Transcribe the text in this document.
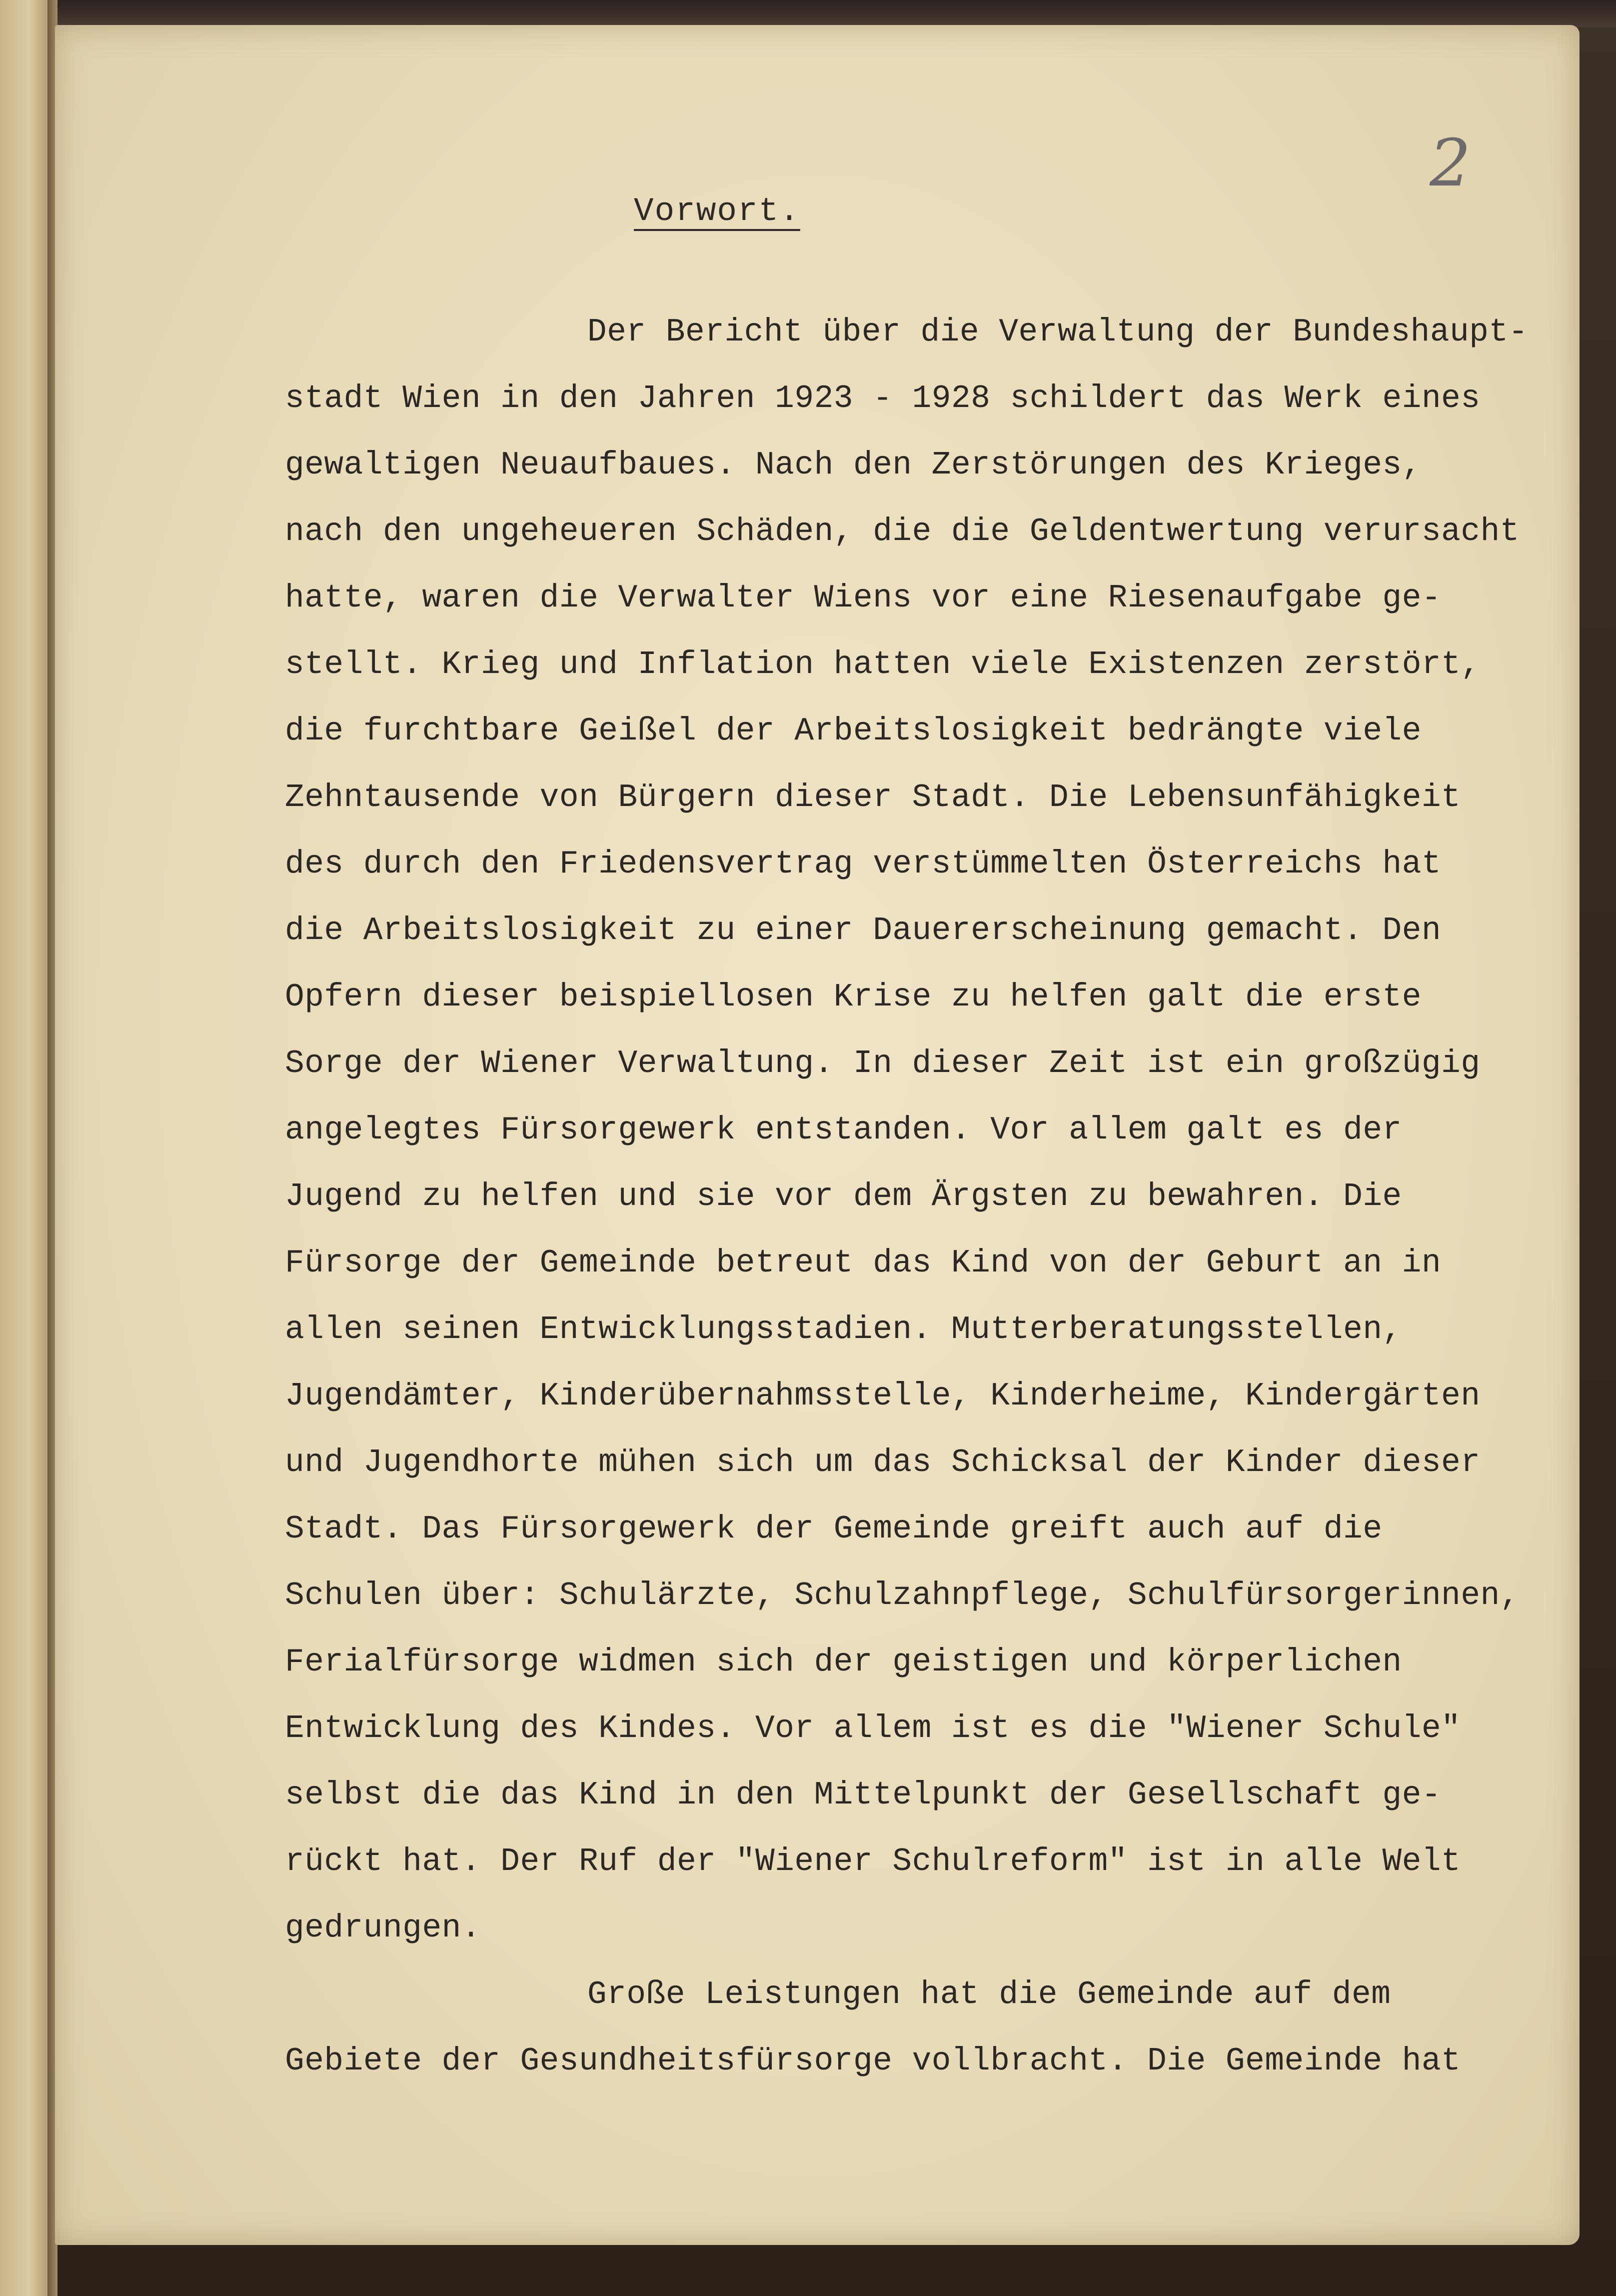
2
Vorwort.
Der Bericht über die Verwaltung der Bundeshaupt-
stadt Wien in den Jahren 1923 - 1928 schildert das Werk eines
gewaltigen Neuaufbaues. Nach den Zerstörungen des Krieges,
nach den ungeheueren Schäden, die die Geldentwertung verursacht
hatte, waren die Verwalter Wiens vor eine Riesenaufgabe ge-
stellt. Krieg und Inflation hatten viele Existenzen zerstört,
die furchtbare Geißel der Arbeitslosigkeit bedrängte viele
Zehntausende von Bürgern dieser Stadt. Die Lebensunfähigkeit
des durch den Friedensvertrag verstümmelten Österreichs hat
die Arbeitslosigkeit zu einer Dauererscheinung gemacht. Den
Opfern dieser beispiellosen Krise zu helfen galt die erste
Sorge der Wiener Verwaltung. In dieser Zeit ist ein großzügig
angelegtes Fürsorgewerk entstanden. Vor allem galt es der
Jugend zu helfen und sie vor dem Ärgsten zu bewahren. Die
Fürsorge der Gemeinde betreut das Kind von der Geburt an in
allen seinen Entwicklungsstadien. Mutterberatungsstellen,
Jugendämter, Kinderübernahmsstelle, Kinderheime, Kindergärten
und Jugendhorte mühen sich um das Schicksal der Kinder dieser
Stadt. Das Fürsorgewerk der Gemeinde greift auch auf die
Schulen über: Schulärzte, Schulzahnpflege, Schulfürsorgerinnen,
Ferialfürsorge widmen sich der geistigen und körperlichen
Entwicklung des Kindes. Vor allem ist es die "Wiener Schule"
selbst die das Kind in den Mittelpunkt der Gesellschaft ge-
rückt hat. Der Ruf der "Wiener Schulreform" ist in alle Welt
gedrungen.
Große Leistungen hat die Gemeinde auf dem
Gebiete der Gesundheitsfürsorge vollbracht. Die Gemeinde hat
